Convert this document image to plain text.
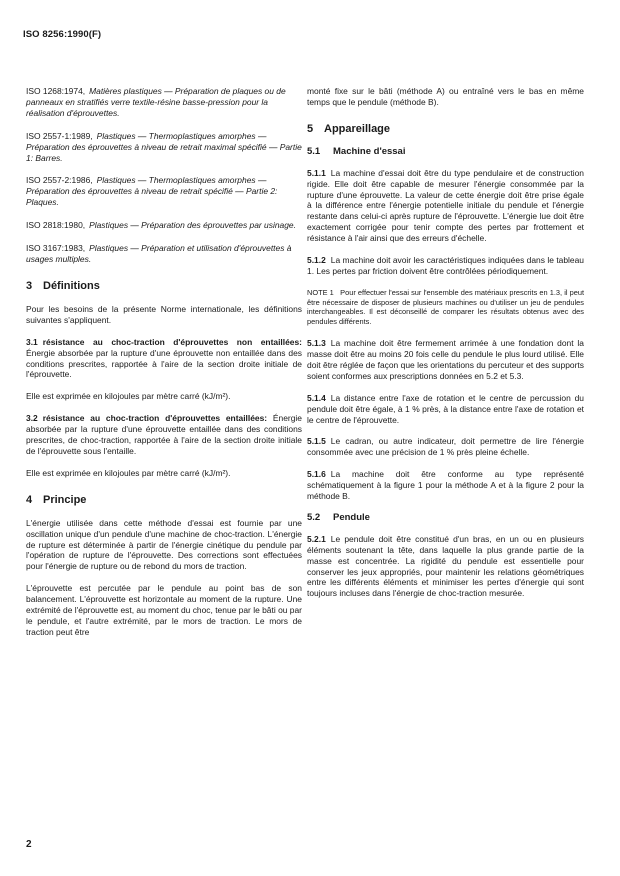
ISO 8256:1990(F)

ISO 1268:1974, Matières plastiques — Préparation de plaques ou de panneaux en stratifiés verre textile-résine basse-pression pour la réalisation d'éprouvettes.

ISO 2557-1:1989, Plastiques — Thermoplastiques amorphes — Préparation des éprouvettes à niveau de retrait maximal spécifié — Partie 1: Barres.

ISO 2557-2:1986, Plastiques — Thermoplastiques amorphes — Préparation des éprouvettes à niveau de retrait spécifié — Partie 2: Plaques.

ISO 2818:1980, Plastiques — Préparation des éprouvettes par usinage.

ISO 3167:1983, Plastiques — Préparation et utilisation d'éprouvettes à usages multiples.

3 Définitions

Pour les besoins de la présente Norme internationale, les définitions suivantes s'appliquent.

3.1 résistance au choc-traction d'éprouvettes non entaillées: Énergie absorbée par la rupture d'une éprouvette non entaillée dans des conditions prescrites, rapportée à l'aire de la section droite initiale de l'éprouvette.

Elle est exprimée en kilojoules par mètre carré (kJ/m²).

3.2 résistance au choc-traction d'éprouvettes entaillées: Énergie absorbée par la rupture d'une éprouvette entaillée dans des conditions prescrites, de choc-traction, rapportée à l'aire de la section droite initiale de l'éprouvette sous l'entaille.

Elle est exprimée en kilojoules par mètre carré (kJ/m²).

4 Principe

L'énergie utilisée dans cette méthode d'essai est fournie par une oscillation unique d'un pendule d'une machine de choc-traction. L'énergie de rupture est déterminée à partir de l'énergie cinétique du pendule par l'opération de rupture de l'éprouvette. Des corrections sont effectuées pour l'énergie de rupture ou de rebond du mors de traction.

L'éprouvette est percutée par le pendule au point bas de son balancement. L'éprouvette est horizontale au moment de la rupture. Une extrémité de l'éprouvette est, au moment du choc, tenue par le bâti ou par le pendule, et l'autre extrémité, par le mors de traction. Le mors de traction peut être

monté fixe sur le bâti (méthode A) ou entraîné vers le bas en même temps que le pendule (méthode B).

5 Appareillage
5.1 Machine d'essai

5.1.1 La machine d'essai doit être du type pendulaire et de construction rigide. Elle doit être capable de mesurer l'énergie consommée par la rupture d'une éprouvette. La valeur de cette énergie doit être prise égale à la différence entre l'énergie potentielle initiale du pendule et l'énergie restante dans celui-ci après rupture de l'éprouvette. L'énergie lue doit être exactement corrigée pour tenir compte des pertes par frottement et résistance à l'air ainsi que des erreurs d'échelle.

5.1.2 La machine doit avoir les caractéristiques indiquées dans le tableau 1. Les pertes par friction doivent être contrôlées périodiquement.

NOTE 1 Pour effectuer l'essai sur l'ensemble des matériaux prescrits en 1.3, il peut être nécessaire de disposer de plusieurs machines ou d'utiliser un jeu de pendules interchangeables. Il est déconseillé de comparer les résultats obtenus avec des pendules différents.

5.1.3 La machine doit être fermement arrimée à une fondation dont la masse doit être au moins 20 fois celle du pendule le plus lourd utilisé. Elle doit être réglée de façon que les orientations du percuteur et des supports soient conformes aux prescriptions données en 5.2 et 5.3.

5.1.4 La distance entre l'axe de rotation et le centre de percussion du pendule doit être égale, à 1 % près, à la distance entre l'axe de rotation et le centre de l'éprouvette.

5.1.5 Le cadran, ou autre indicateur, doit permettre de lire l'énergie consommée avec une précision de 1 % près pleine échelle.

5.1.6 La machine doit être conforme au type représenté schématiquement à la figure 1 pour la méthode A et à la figure 2 pour la méthode B.

5.2 Pendule

5.2.1 Le pendule doit être constitué d'un bras, en un ou en plusieurs éléments soutenant la tête, dans laquelle la plus grande partie de la masse est concentrée. La rigidité du pendule est essentielle pour conserver les jeux appropriés, pour maintenir les relations géométriques entre les différents éléments et minimiser les pertes d'énergie qui sont toujours incluses dans l'énergie de choc-traction mesurée.

2
